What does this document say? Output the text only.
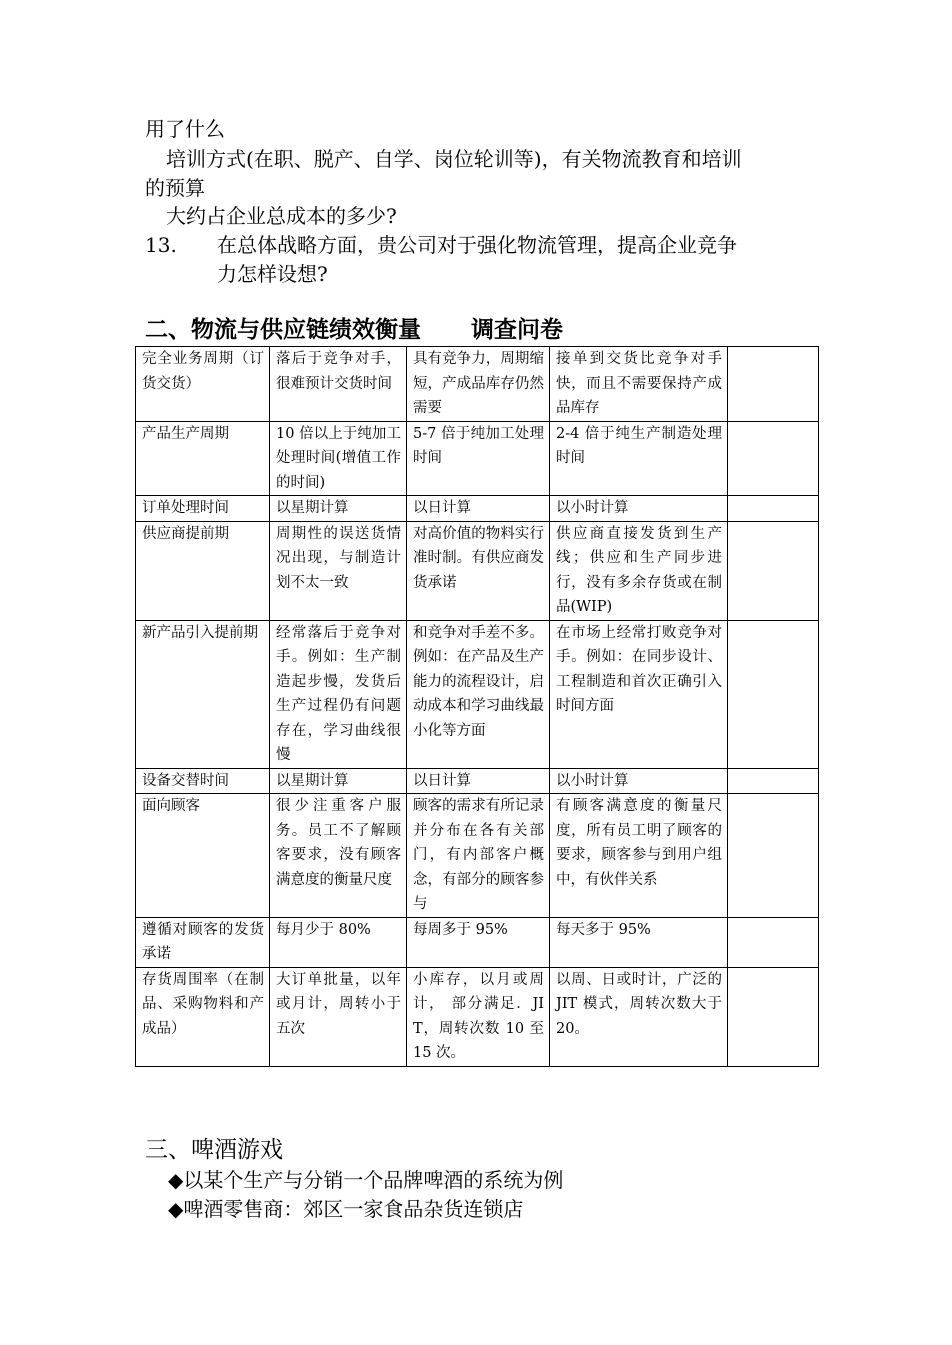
用了什么
培训方式(在职、脱产、自学、岗位轮训等)，有关物流教育和培训
的预算
大约占企业总成本的多少?
13. 在总体战略方面，贵公司对于强化物流管理，提高企业竞争
力怎样设想?
二、物流与供应链绩效衡量 调查问卷
完全业务周期（订货交货）	落后于竞争对手，很难预计交货时间	具有竞争力，周期缩短，产成品库存仍然需要	接单到交货比竞争对手快，而且不需要保持产成品库存	
产品生产周期	10 倍以上于纯加工处理时间(增值工作的时间)	5-7 倍于纯加工处理时间	2-4 倍于纯生产制造处理时间	
订单处理时间	以星期计算	以日计算	以小时计算	
供应商提前期	周期性的误送货情况出现，与制造计划不太一致	对高价值的物料实行准时制。有供应商发货承诺	供应商直接发货到生产线；供应和生产同步进行，没有多余存货或在制品(WIP)	
新产品引入提前期	经常落后于竞争对手。例如：生产制造起步慢，发货后生产过程仍有问题存在，学习曲线很慢	和竞争对手差不多。例如：在产品及生产能力的流程设计，启动成本和学习曲线最小化等方面	在市场上经常打败竞争对手。例如：在同步设计、工程制造和首次正确引入时间方面	
设备交替时间	以星期计算	以日计算	以小时计算	
面向顾客	很少注重客户服务。员工不了解顾客要求，没有顾客满意度的衡量尺度	顾客的需求有所记录并分布在各有关部门，有内部客户概念，有部分的顾客参与	有顾客满意度的衡量尺度，所有员工明了顾客的要求，顾客参与到用户组中，有伙伴关系	
遵循对顾客的发货承诺	每月少于 80%	每周多于 95%	每天多于 95%	
存货周围率（在制品、采购物料和产成品）	大订单批量，以年或月计，周转小于五次	小库存，以月或周计， 部分满足．JIT，周转次数 10 至 15 次。	以周、日或时计，广泛的 JIT 模式，周转次数大于 20。	
三、啤酒游戏
◆以某个生产与分销一个品牌啤酒的系统为例
◆啤酒零售商：郊区一家食品杂货连锁店
